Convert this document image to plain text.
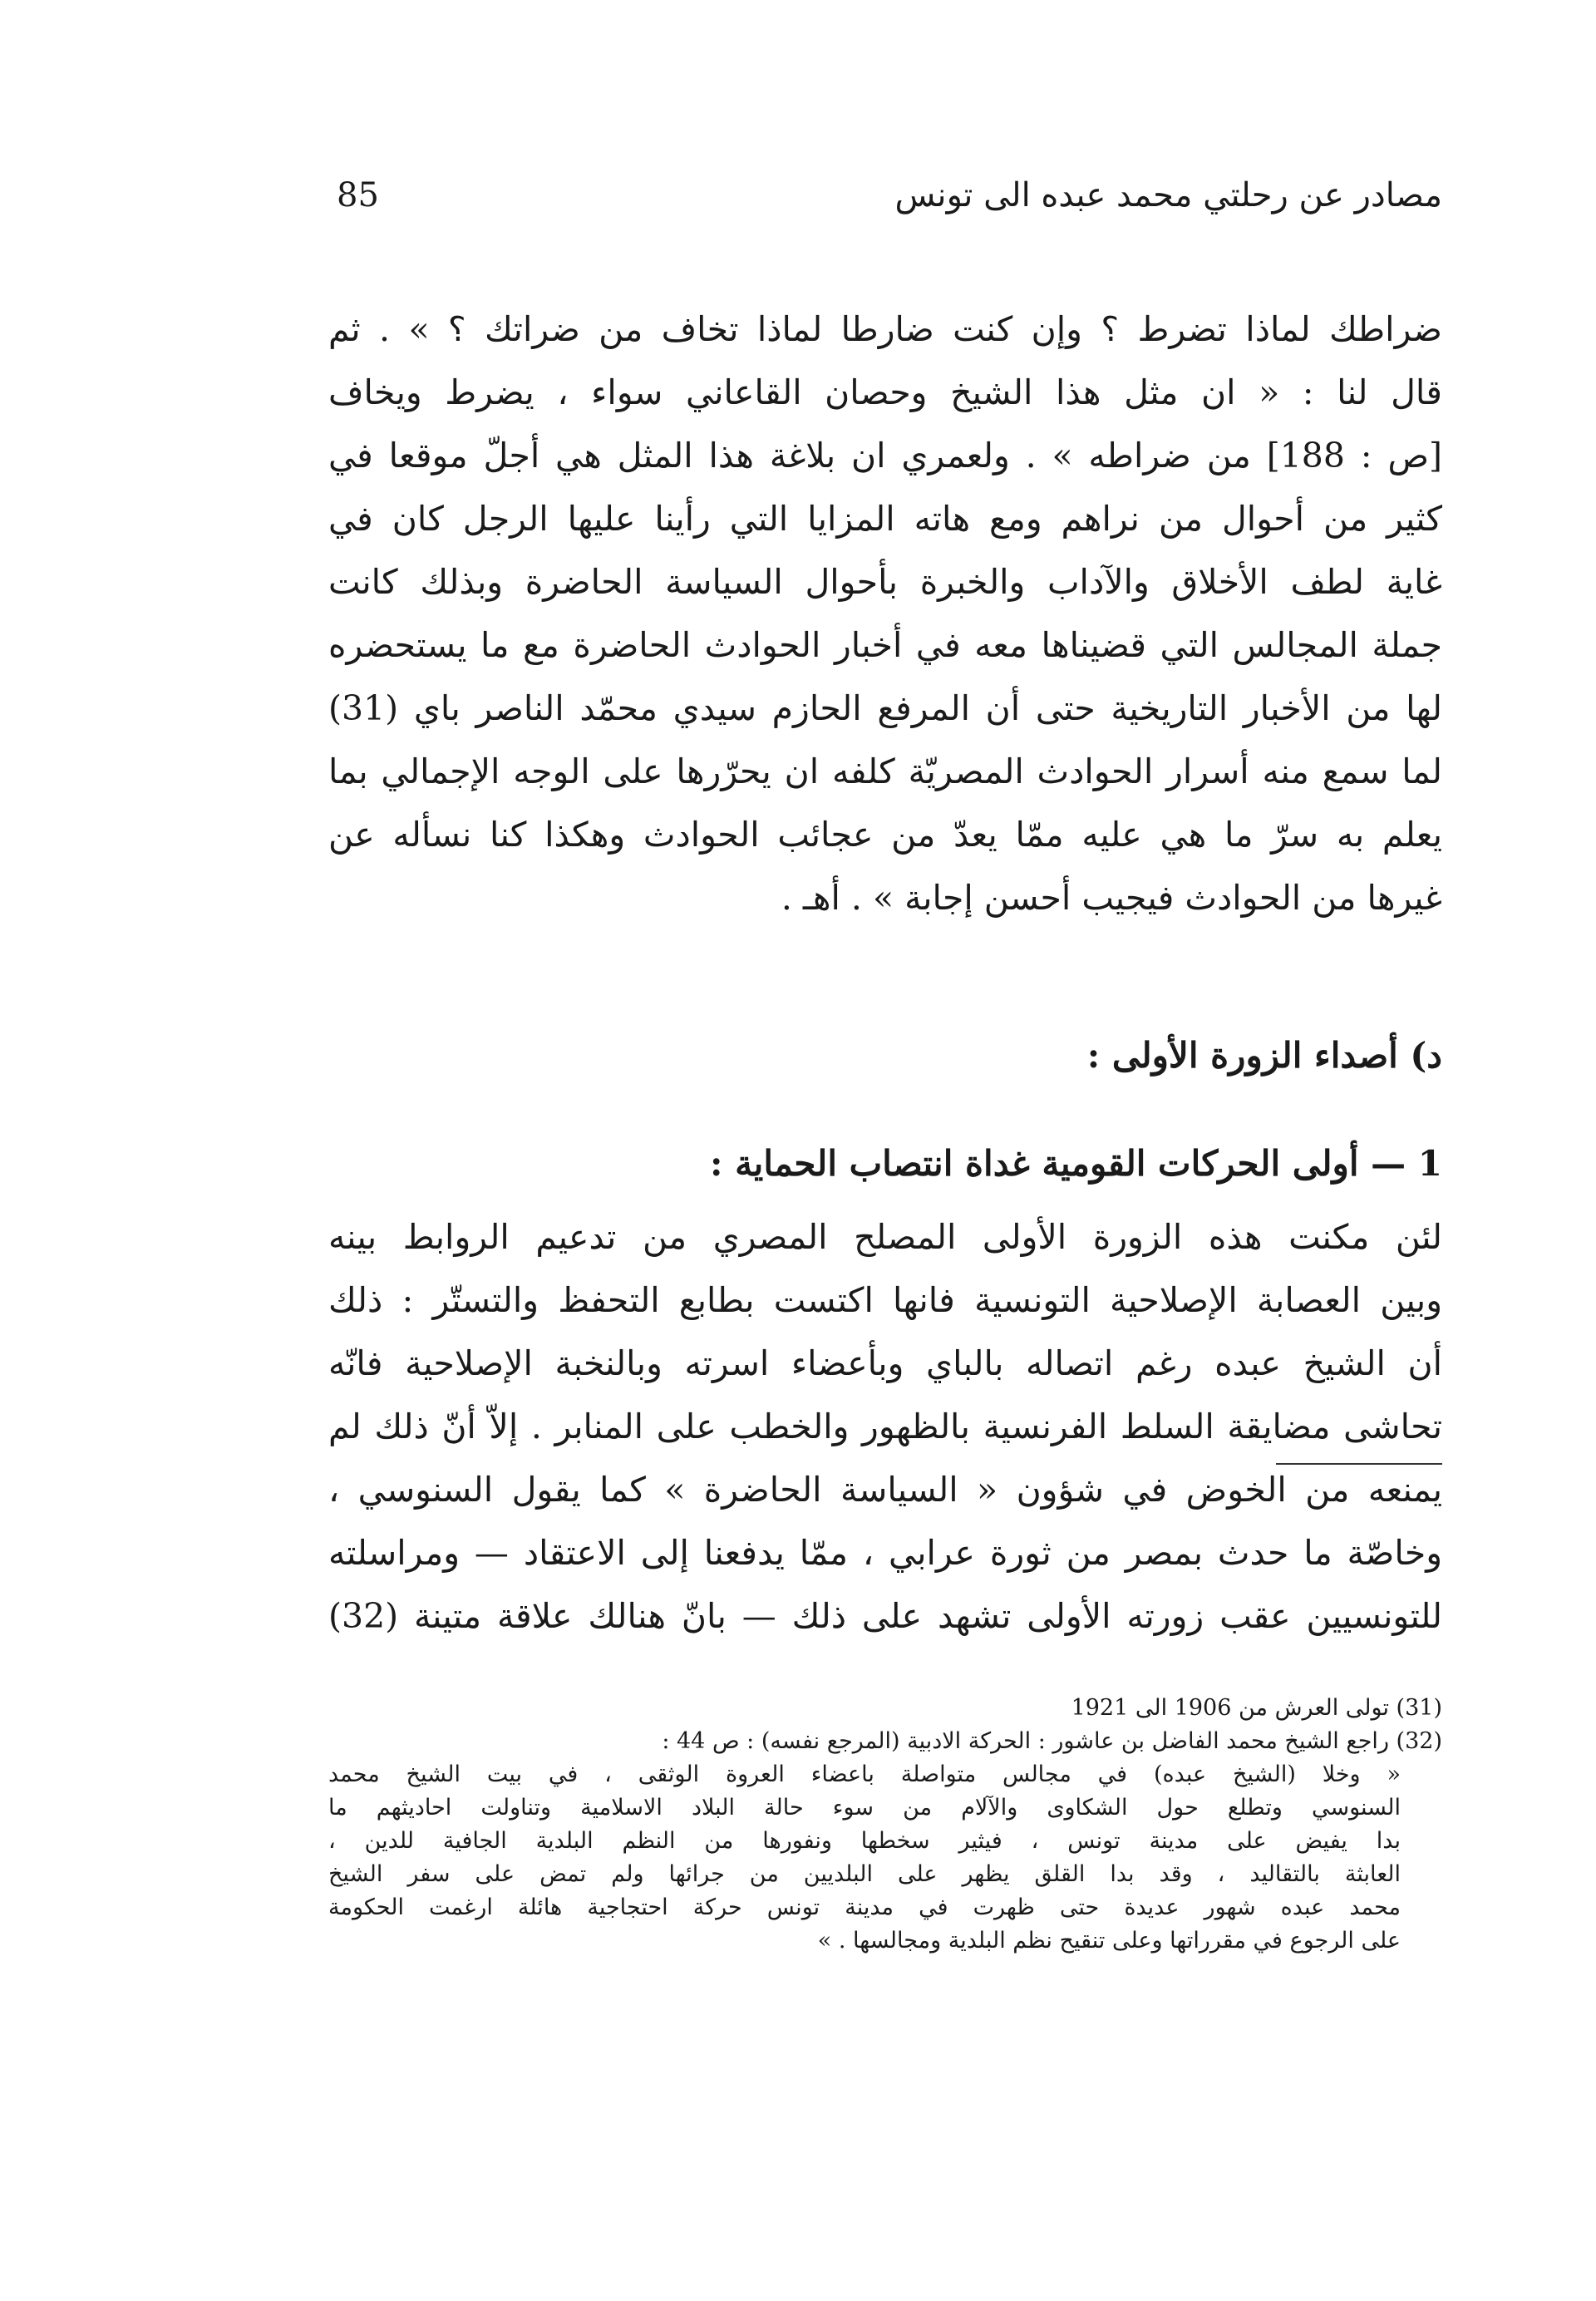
مصادر عن رحلتي محمد عبده الى تونس
85
ضراطك لماذا تضرط ؟ وإن كنت ضارطا لماذا تخاف من ضراتك ؟ » . ثم
قال لنا : « ان مثل هذا الشيخ وحصان القاعاني سواء ، يضرط ويخاف
[ص : 188] من ضراطه » . ولعمري ان بلاغة هذا المثل هي أجلّ موقعا في
كثير من أحوال من نراهم ومع هاته المزايا التي رأينا عليها الرجل كان في
غاية لطف الأخلاق والآداب والخبرة بأحوال السياسة الحاضرة وبذلك كانت
جملة المجالس التي قضيناها معه في أخبار الحوادث الحاضرة مع ما يستحضره
لها من الأخبار التاريخية حتى أن المرفع الحازم سيدي محمّد الناصر باي (31)
لما سمع منه أسرار الحوادث المصريّة كلفه ان يحرّرها على الوجه الإجمالي بما
يعلم به سرّ ما هي عليه ممّا يعدّ من عجائب الحوادث وهكذا كنا نسأله عن
غيرها من الحوادث فيجيب أحسن إجابة » . أهـ .
د) أصداء الزورة الأولى :
1 — أولى الحركات القومية غداة انتصاب الحماية :
لئن مكنت هذه الزورة الأولى المصلح المصري من تدعيم الروابط بينه
وبين العصابة الإصلاحية التونسية فانها اكتست بطابع التحفظ والتستّر : ذلك
أن الشيخ عبده رغم اتصاله بالباي وبأعضاء اسرته وبالنخبة الإصلاحية فانّه
تحاشى مضايقة السلط الفرنسية بالظهور والخطب على المنابر . إلاّ أنّ ذلك لم
يمنعه من الخوض في شؤون « السياسة الحاضرة » كما يقول السنوسي ،
وخاصّة ما حدث بمصر من ثورة عرابي ، ممّا يدفعنا إلى الاعتقاد — ومراسلته
للتونسيين عقب زورته الأولى تشهد على ذلك — بانّ هنالك علاقة متينة (32)
(31) تولى العرش من 1906 الى 1921
(32) راجع الشيخ محمد الفاضل بن عاشور : الحركة الادبية (المرجع نفسه) : ص 44 :
« وخلا (الشيخ عبده) في مجالس متواصلة باعضاء العروة الوثقى ، في بيت الشيخ محمد
السنوسي وتطلع حول الشكاوى والآلام من سوء حالة البلاد الاسلامية وتناولت احاديثهم ما
بدا يفيض على مدينة تونس ، فيثير سخطها ونفورها من النظم البلدية الجافية للدين ،
العابثة بالتقاليد ، وقد بدا القلق يظهر على البلديين من جرائها ولم تمض على سفر الشيخ
محمد عبده شهور عديدة حتى ظهرت في مدينة تونس حركة احتجاجية هائلة ارغمت الحكومة
على الرجوع في مقرراتها وعلى تنقيح نظم البلدية ومجالسها . »
